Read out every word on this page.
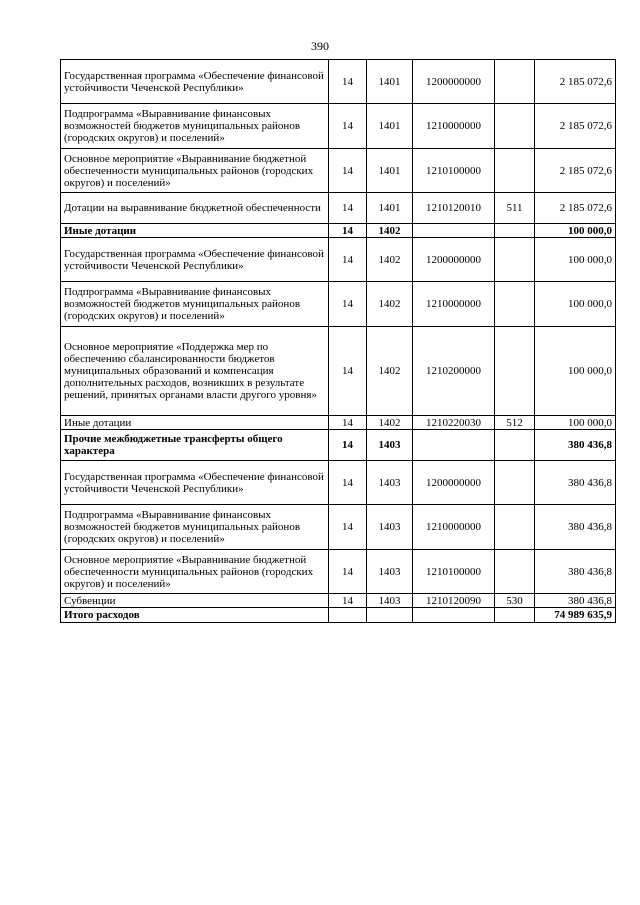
390
Государственная программа «Обеспечение финансовой устойчивости Чеченской Республики»	14	1401	1200000000		2 185 072,6
Подпрограмма «Выравнивание финансовых возможностей бюджетов муниципальных районов (городских округов) и поселений»	14	1401	1210000000		2 185 072,6
Основное мероприятие «Выравнивание бюджетной обеспеченности муниципальных районов (городских округов) и поселений»	14	1401	1210100000		2 185 072,6
Дотации на выравнивание бюджетной обеспеченности	14	1401	1210120010	511	2 185 072,6
Иные дотации	14	1402			100 000,0
Государственная программа «Обеспечение финансовой устойчивости Чеченской Республики»	14	1402	1200000000		100 000,0
Подпрограмма «Выравнивание финансовых возможностей бюджетов муниципальных районов (городских округов) и поселений»	14	1402	1210000000		100 000,0
Основное мероприятие «Поддержка мер по обеспечению сбалансированности бюджетов муниципальных образований и компенсация дополнительных расходов, возникших в результате решений, принятых органами власти другого уровня»	14	1402	1210200000		100 000,0
Иные дотации	14	1402	1210220030	512	100 000,0
Прочие межбюджетные трансферты общего характера	14	1403			380 436,8
Государственная программа «Обеспечение финансовой устойчивости Чеченской Республики»	14	1403	1200000000		380 436,8
Подпрограмма «Выравнивание финансовых возможностей бюджетов муниципальных районов (городских округов) и поселений»	14	1403	1210000000		380 436,8
Основное мероприятие «Выравнивание бюджетной обеспеченности муниципальных районов (городских округов) и поселений»	14	1403	1210100000		380 436,8
Субвенции	14	1403	1210120090	530	380 436,8
Итого расходов					74 989 635,9
